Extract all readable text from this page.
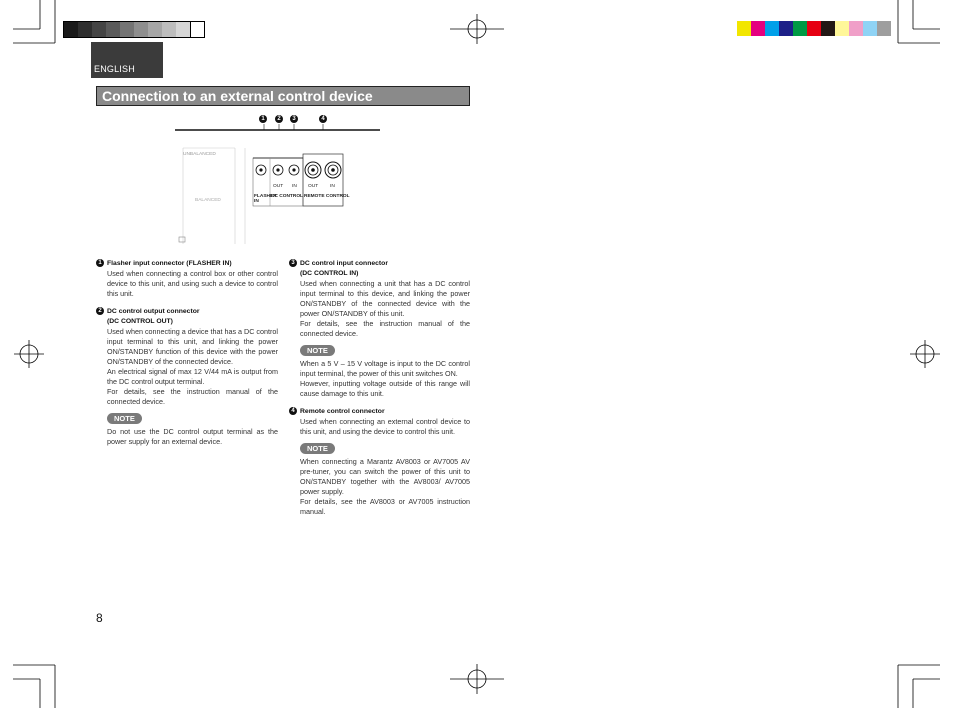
ENGLISH
Connection to an external control device
1	2	3	4
UNBALANCED
BALANCED
OUT IN OUT IN
FLASHER IN
DC CONTROL REMOTE CONTROL
1 Flasher input connector (FLASHER IN)
Used when connecting a control box or other control device to this unit, and using such a device to control this unit.
2 DC control output connector
(DC CONTROL OUT)
Used when connecting a device that has a DC control input terminal to this unit, and linking the power ON/STANDBY function of this device with the power ON/STANDBY of the connected device.
An electrical signal of max 12 V/44 mA is output from the DC control output terminal.
For details, see the instruction manual of the connected device.
NOTE
Do not use the DC control output terminal as the power supply for an external device.
3 DC control input connector
(DC CONTROL IN)
Used when connecting a unit that has a DC control input terminal to this device, and linking the power ON/STANDBY of the connected device with the power ON/STANDBY of this unit.
For details, see the instruction manual of the connected device.
NOTE
When a 5 V – 15 V voltage is input to the DC control input terminal, the power of this unit switches ON.
However, inputting voltage outside of this range will cause damage to this unit.
4 Remote control connector
Used when connecting an external control device to this unit, and using the device to control this unit.
NOTE
When connecting a Marantz AV8003 or AV7005 AV pre-tuner, you can switch the power of this unit to ON/STANDBY together with the AV8003/ AV7005 power supply.
For details, see the AV8003 or AV7005 instruction manual.
8
